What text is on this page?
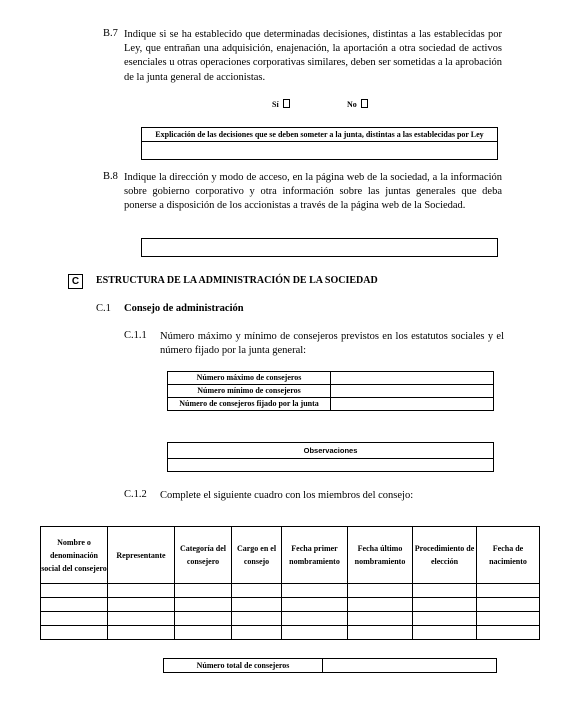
B.7 Indique si se ha establecido que determinadas decisiones, distintas a las establecidas por Ley, que entrañan una adquisición, enajenación, la aportación a otra sociedad de activos esenciales u otras operaciones corporativas similares, deben ser sometidas a la aprobación de la junta general de accionistas.
Sí	No
Explicación de las decisiones que se deben someter a la junta, distintas a las establecidas por Ley

B.8 Indique la dirección y modo de acceso, en la página web de la sociedad, a la información sobre gobierno corporativo y otra información sobre las juntas generales que deba ponerse a disposición de los accionistas a través de la página web de la Sociedad.
C	ESTRUCTURA DE LA ADMINISTRACIÓN DE LA SOCIEDAD
C.1 Consejo de administración
C.1.1 Número máximo y mínimo de consejeros previstos en los estatutos sociales y el número fijado por la junta general:
Número máximo de consejeros	
Número mínimo de consejeros	
Número de consejeros fijado por la junta	
Observaciones

C.1.2 Complete el siguiente cuadro con los miembros del consejo:
Nombre o denominación social del consejero	Representante	Categoría del consejero	Cargo en el consejo	Fecha primer nombramiento	Fecha último nombramiento	Procedimiento de elección	Fecha de nacimiento

Número total de consejeros	
